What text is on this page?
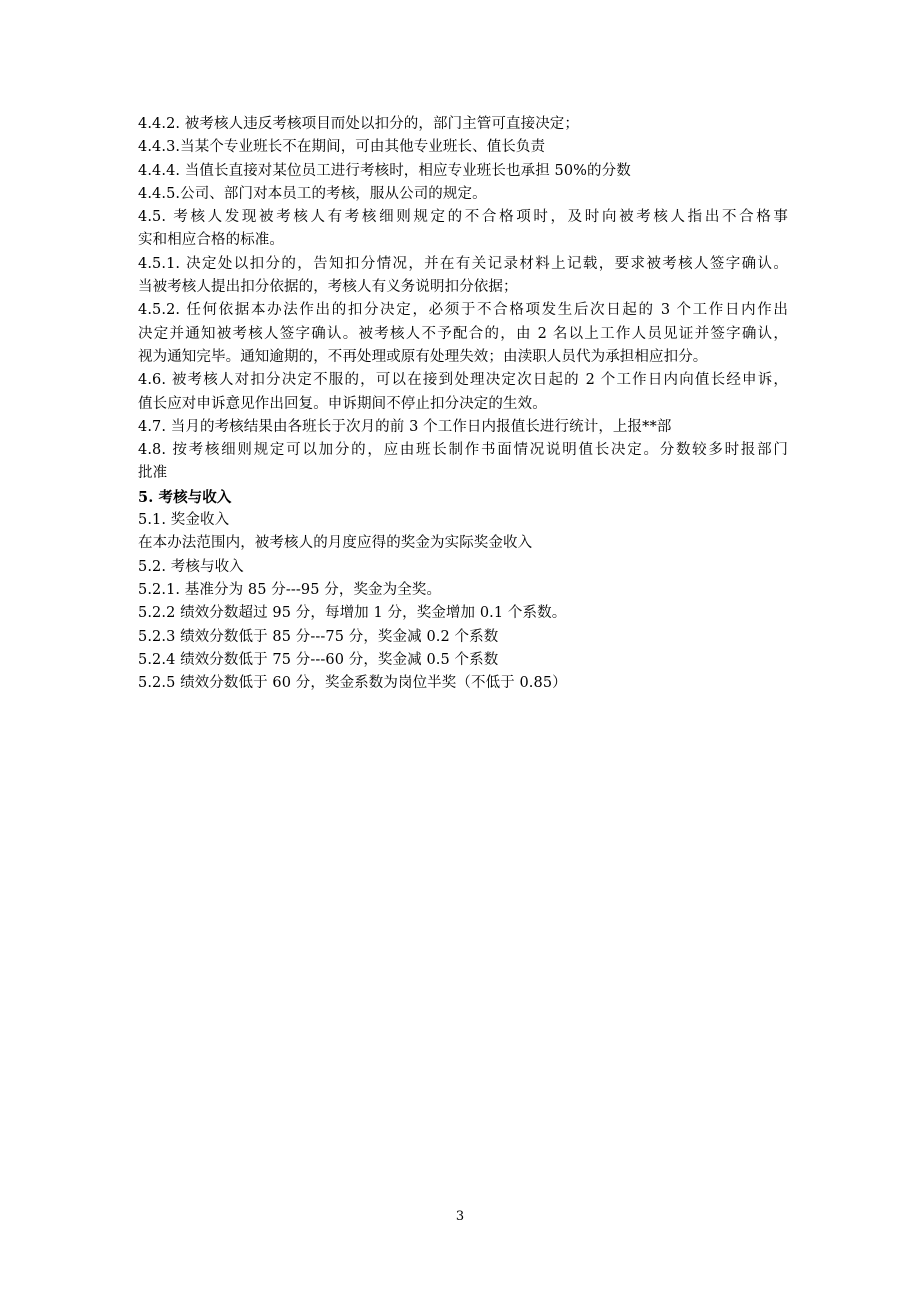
4.4.2. 被考核人违反考核项目而处以扣分的，部门主管可直接决定；
4.4.3.当某个专业班长不在期间，可由其他专业班长、值长负责
4.4.4. 当值长直接对某位员工进行考核时，相应专业班长也承担 50%的分数
4.4.5.公司、部门对本员工的考核，服从公司的规定。
4.5. 考核人发现被考核人有考核细则规定的不合格项时，及时向被考核人指出不合格事
实和相应合格的标准。
4.5.1. 决定处以扣分的，告知扣分情况，并在有关记录材料上记载，要求被考核人签字确认。
当被考核人提出扣分依据的，考核人有义务说明扣分依据；
4.5.2. 任何依据本办法作出的扣分决定，必须于不合格项发生后次日起的 3 个工作日内作出
决定并通知被考核人签字确认。被考核人不予配合的，由 2 名以上工作人员见证并签字确认，
视为通知完毕。通知逾期的，不再处理或原有处理失效；由渎职人员代为承担相应扣分。
4.6. 被考核人对扣分决定不服的，可以在接到处理决定次日起的 2 个工作日内向值长经申诉，
值长应对申诉意见作出回复。申诉期间不停止扣分决定的生效。
4.7. 当月的考核结果由各班长于次月的前 3 个工作日内报值长进行统计，上报**部
4.8. 按考核细则规定可以加分的，应由班长制作书面情况说明值长决定。分数较多时报部门
批准
5. 考核与收入
5.1. 奖金收入
在本办法范围内，被考核人的月度应得的奖金为实际奖金收入
5.2. 考核与收入
5.2.1. 基准分为 85 分---95 分，奖金为全奖。
5.2.2 绩效分数超过 95 分，每增加 1 分，奖金增加 0.1 个系数。
5.2.3 绩效分数低于 85 分---75 分，奖金减 0.2 个系数
5.2.4 绩效分数低于 75 分---60 分，奖金减 0.5 个系数
5.2.5 绩效分数低于 60 分，奖金系数为岗位半奖（不低于 0.85）
3
